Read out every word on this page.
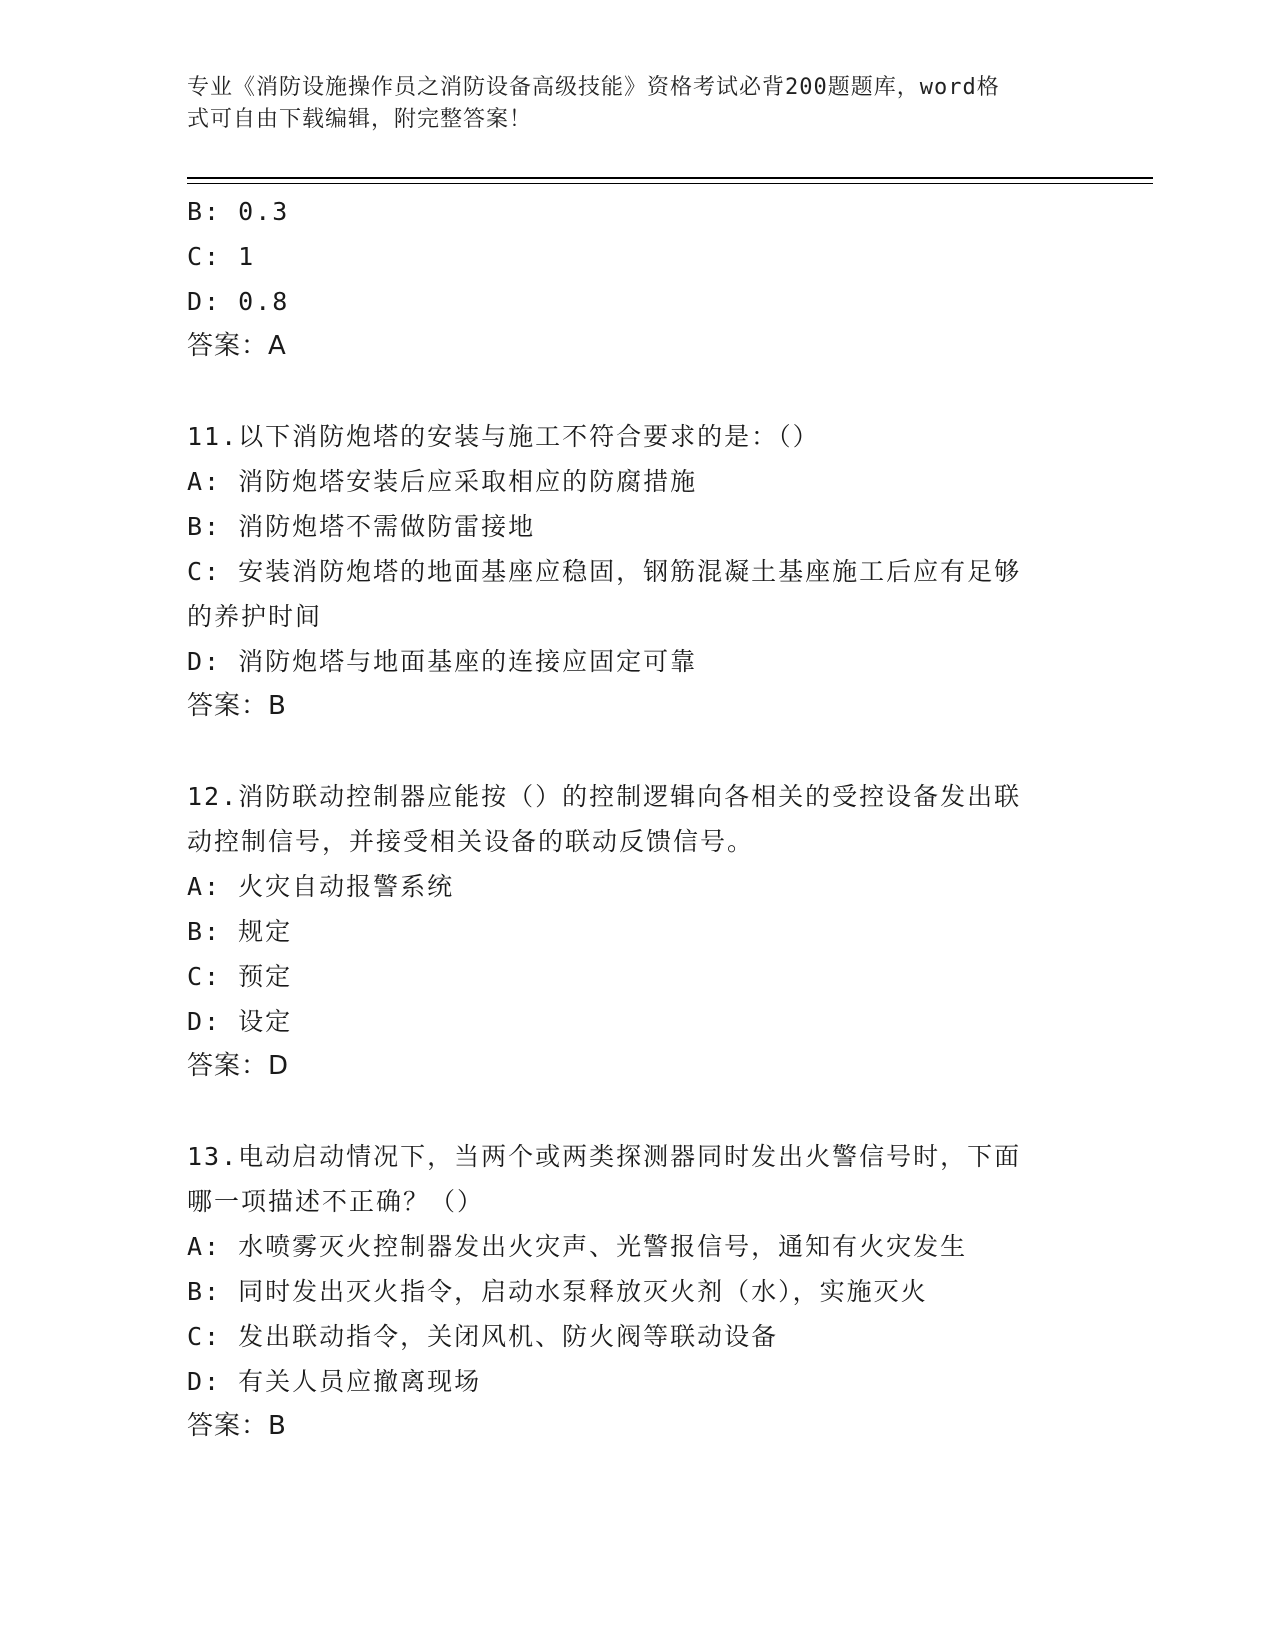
专业《消防设施操作员之消防设备高级技能》资格考试必背200题题库，word格
式可自由下载编辑，附完整答案！
B: 0.3
C: 1
D: 0.8
答案：A
11.以下消防炮塔的安装与施工不符合要求的是：（）
A: 消防炮塔安装后应采取相应的防腐措施
B: 消防炮塔不需做防雷接地
C: 安装消防炮塔的地面基座应稳固，钢筋混凝土基座施工后应有足够
的养护时间
D: 消防炮塔与地面基座的连接应固定可靠
答案：B
12.消防联动控制器应能按（）的控制逻辑向各相关的受控设备发出联
动控制信号，并接受相关设备的联动反馈信号。
A: 火灾自动报警系统
B: 规定
C: 预定
D: 设定
答案：D
13.电动启动情况下，当两个或两类探测器同时发出火警信号时，下面
哪一项描述不正确？（）
A: 水喷雾灭火控制器发出火灾声、光警报信号，通知有火灾发生
B: 同时发出灭火指令，启动水泵释放灭火剂（水），实施灭火
C: 发出联动指令，关闭风机、防火阀等联动设备
D: 有关人员应撤离现场
答案：B
